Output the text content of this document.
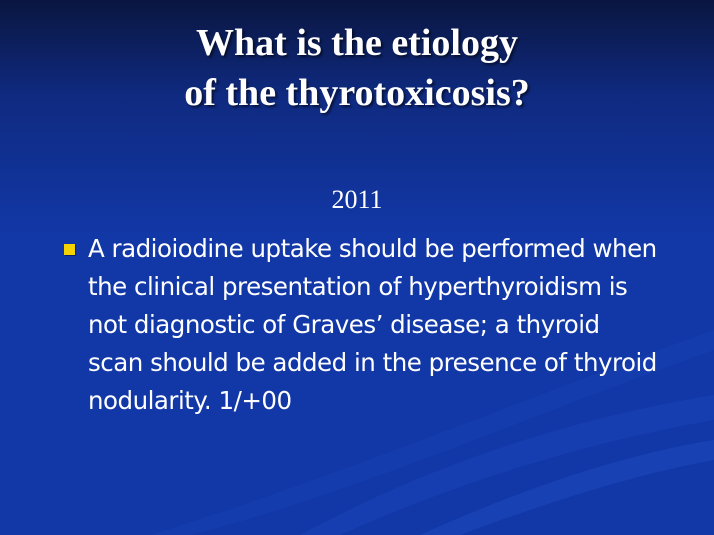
What is the etiology
of the thyrotoxicosis?
2011
A radioiodine uptake should be performed when the clinical presentation of hyperthyroidism is not diagnostic of Graves’ disease; a thyroid scan should be added in the presence of thyroid nodularity. 1/+00
